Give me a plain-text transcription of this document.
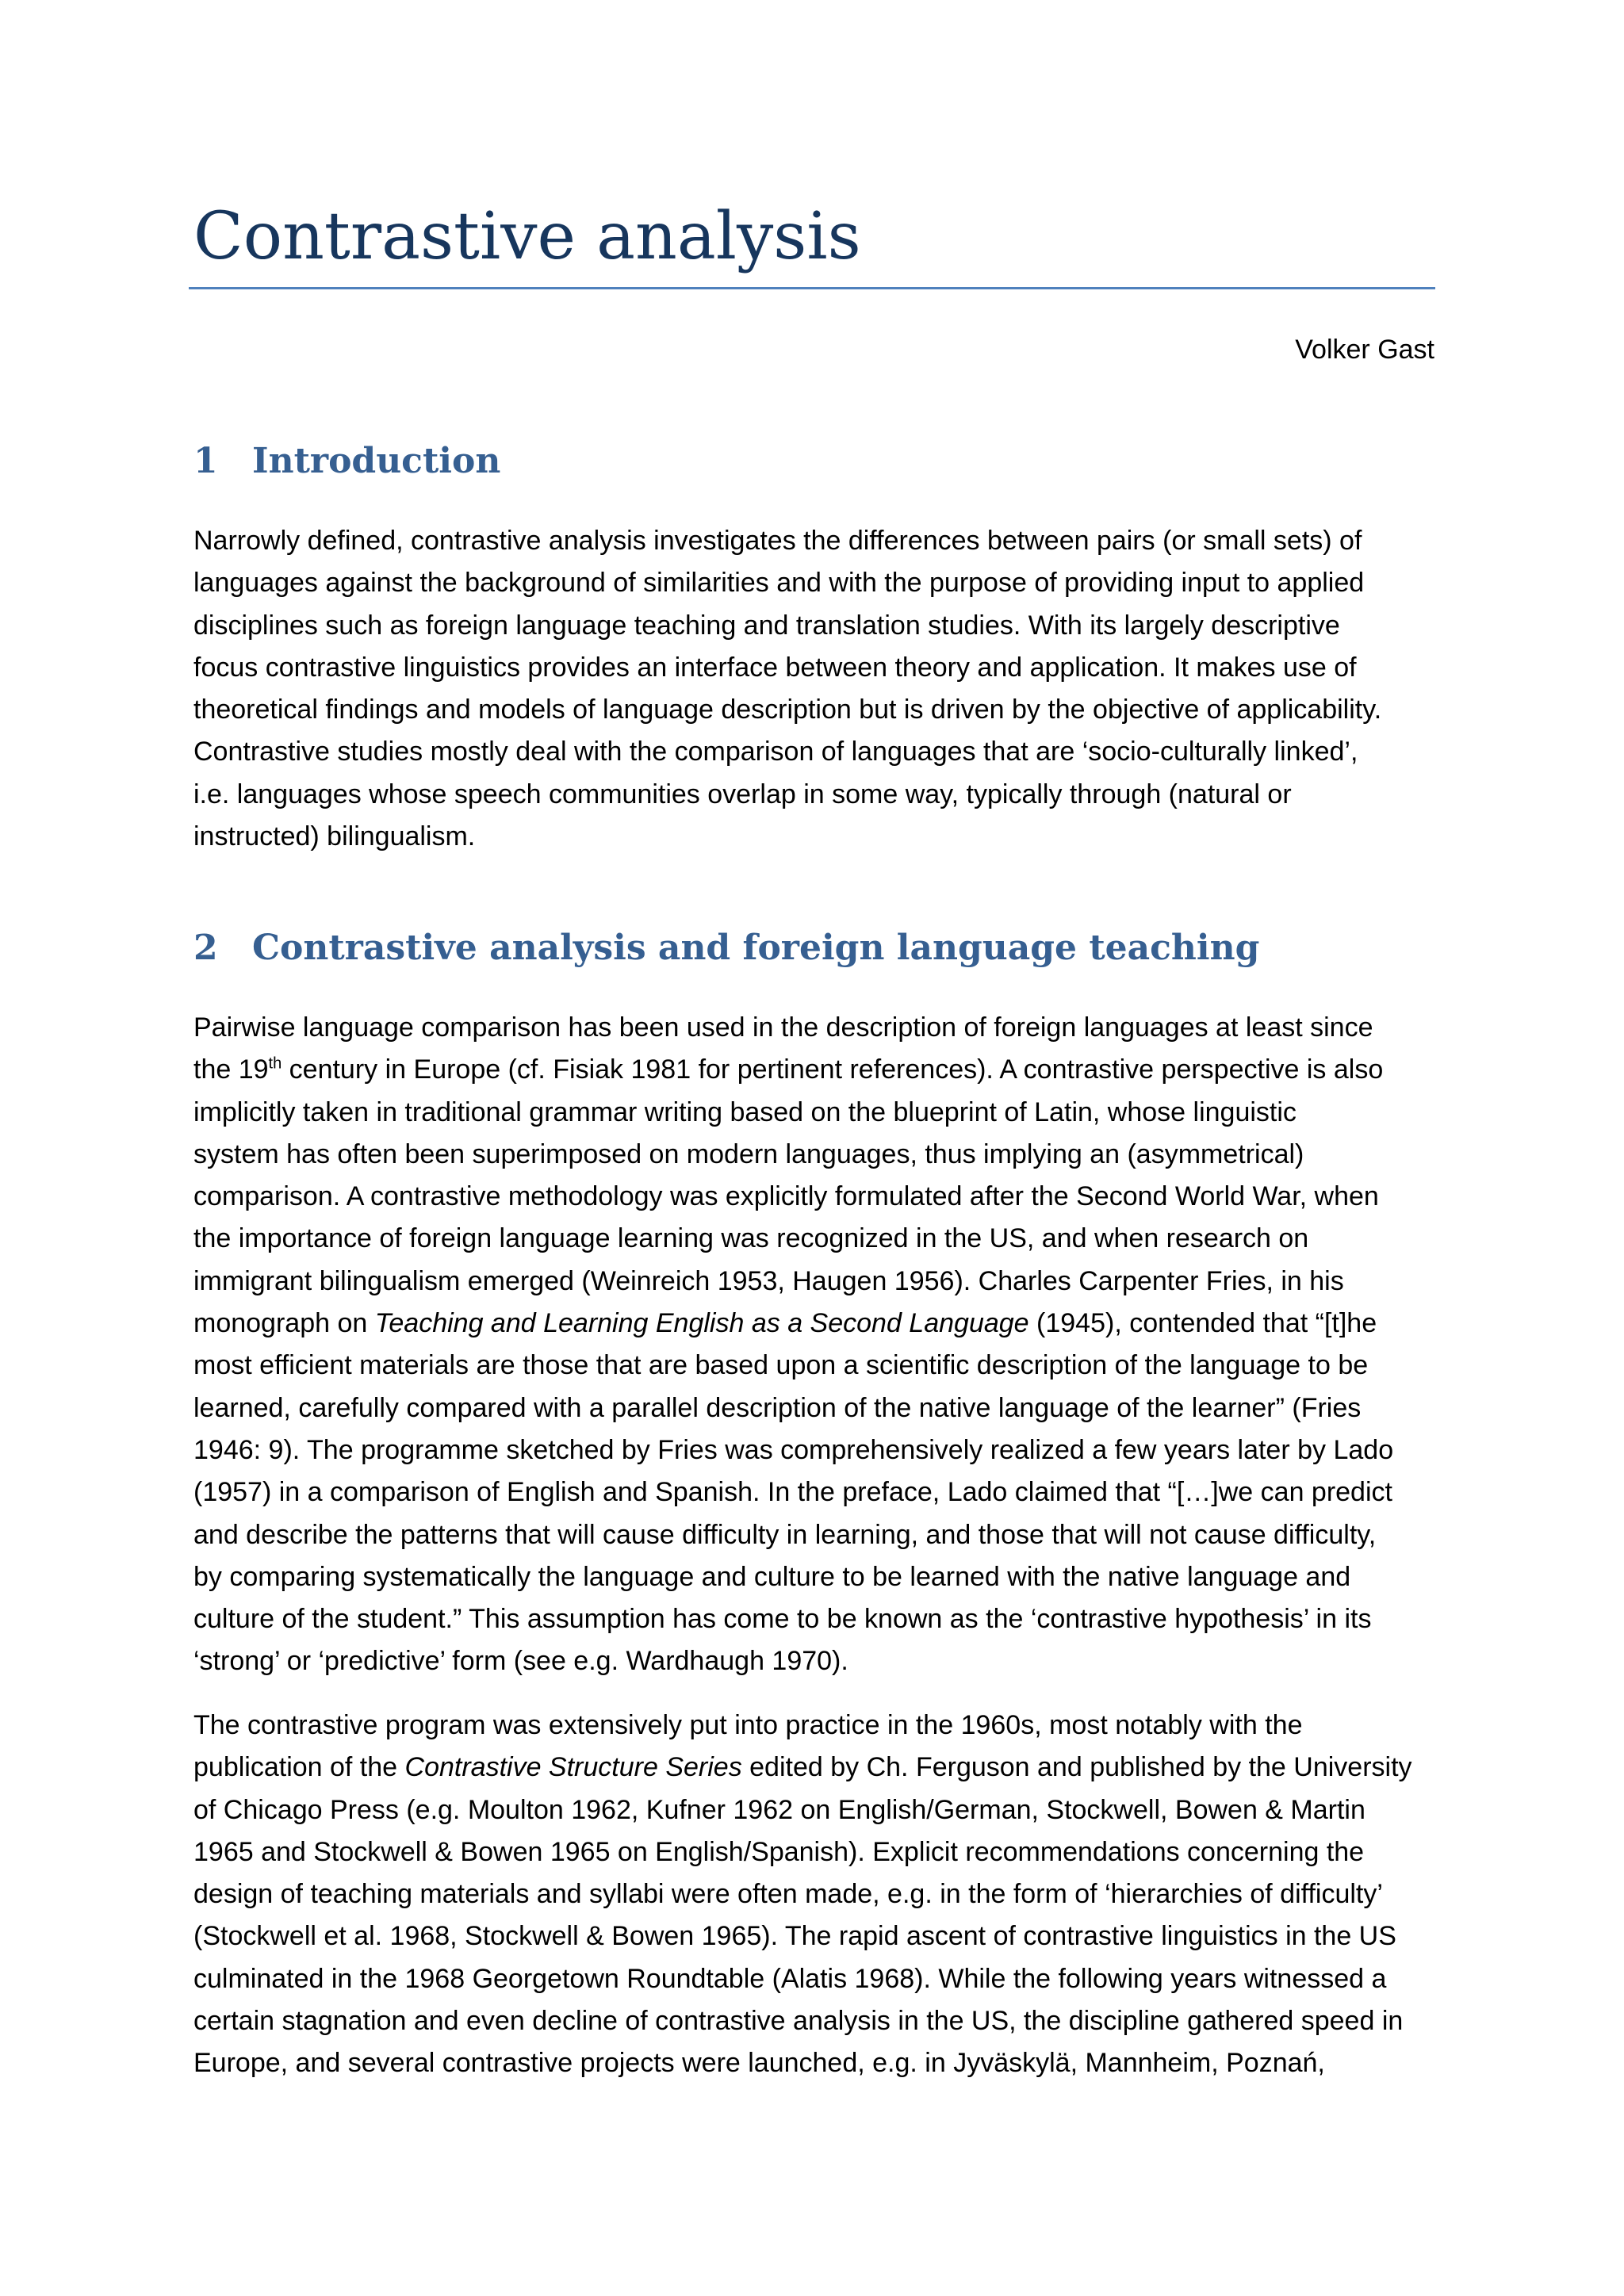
Contrastive analysis
Volker Gast
1 Introduction
Narrowly defined, contrastive analysis investigates the differences between pairs (or small sets) of
languages against the background of similarities and with the purpose of providing input to applied
disciplines such as foreign language teaching and translation studies. With its largely descriptive
focus contrastive linguistics provides an interface between theory and application. It makes use of
theoretical findings and models of language description but is driven by the objective of applicability.
Contrastive studies mostly deal with the comparison of languages that are ‘socio-culturally linked’,
i.e. languages whose speech communities overlap in some way, typically through (natural or
instructed) bilingualism.
2 Contrastive analysis and foreign language teaching
Pairwise language comparison has been used in the description of foreign languages at least since
the 19th century in Europe (cf. Fisiak 1981 for pertinent references). A contrastive perspective is also
implicitly taken in traditional grammar writing based on the blueprint of Latin, whose linguistic
system has often been superimposed on modern languages, thus implying an (asymmetrical)
comparison. A contrastive methodology was explicitly formulated after the Second World War, when
the importance of foreign language learning was recognized in the US, and when research on
immigrant bilingualism emerged (Weinreich 1953, Haugen 1956). Charles Carpenter Fries, in his
monograph on Teaching and Learning English as a Second Language (1945), contended that “[t]he
most efficient materials are those that are based upon a scientific description of the language to be
learned, carefully compared with a parallel description of the native language of the learner” (Fries
1946: 9). The programme sketched by Fries was comprehensively realized a few years later by Lado
(1957) in a comparison of English and Spanish. In the preface, Lado claimed that “[…]we can predict
and describe the patterns that will cause difficulty in learning, and those that will not cause difficulty,
by comparing systematically the language and culture to be learned with the native language and
culture of the student.” This assumption has come to be known as the ‘contrastive hypothesis’ in its
‘strong’ or ‘predictive’ form (see e.g. Wardhaugh 1970).
The contrastive program was extensively put into practice in the 1960s, most notably with the
publication of the Contrastive Structure Series edited by Ch. Ferguson and published by the University
of Chicago Press (e.g. Moulton 1962, Kufner 1962 on English/German, Stockwell, Bowen & Martin
1965 and Stockwell & Bowen 1965 on English/Spanish). Explicit recommendations concerning the
design of teaching materials and syllabi were often made, e.g. in the form of ‘hierarchies of difficulty’
(Stockwell et al. 1968, Stockwell & Bowen 1965). The rapid ascent of contrastive linguistics in the US
culminated in the 1968 Georgetown Roundtable (Alatis 1968). While the following years witnessed a
certain stagnation and even decline of contrastive analysis in the US, the discipline gathered speed in
Europe, and several contrastive projects were launched, e.g. in Jyväskylä, Mannheim, Poznań,
